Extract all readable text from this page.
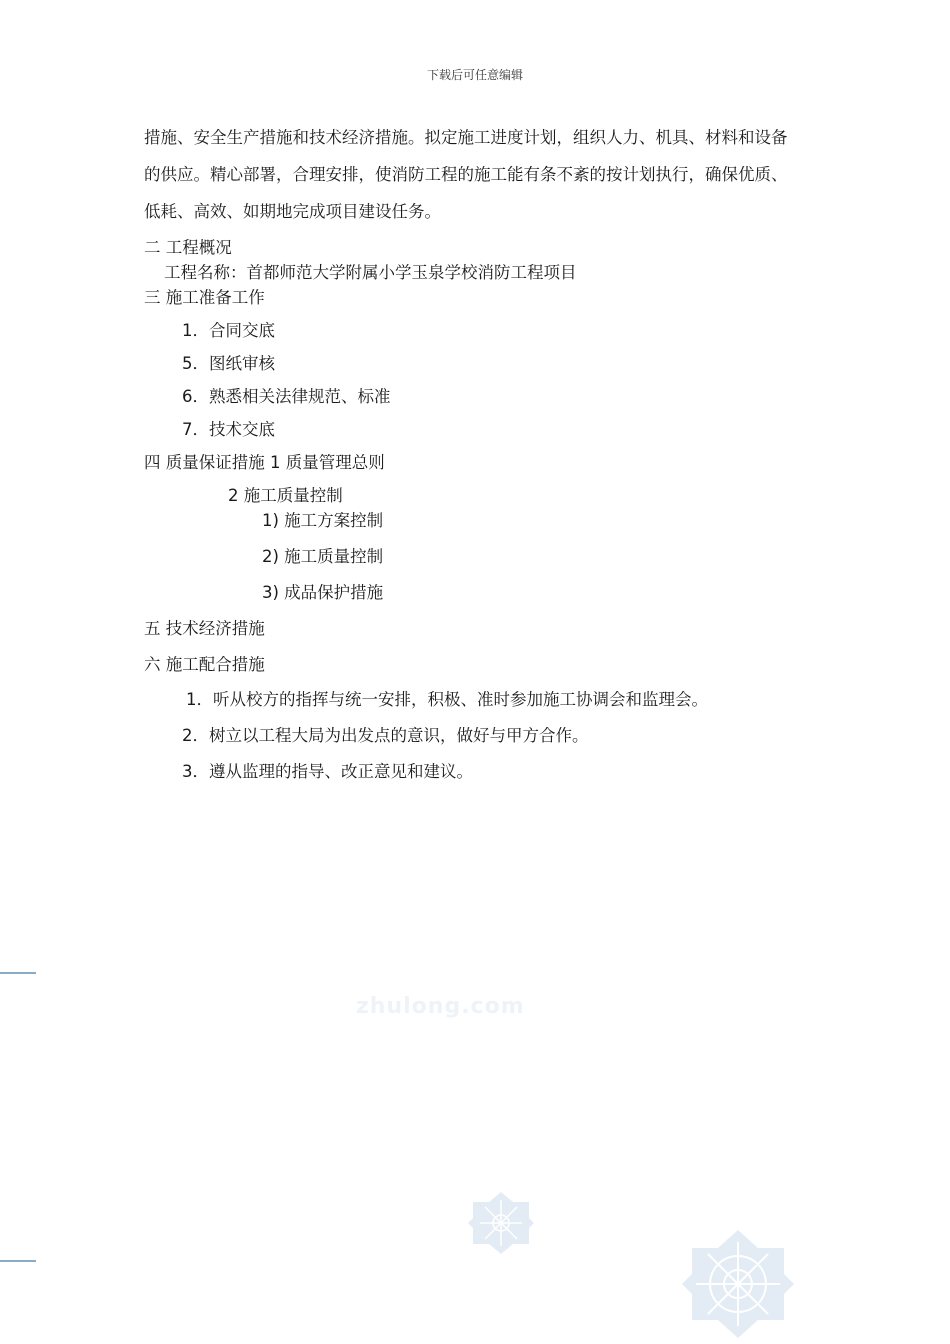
下载后可任意编辑
措施、安全生产措施和技术经济措施。拟定施工进度计划，组织人力、机具、材料和设备
的供应。精心部署，合理安排，使消防工程的施工能有条不紊的按计划执行，确保优质、
低耗、高效、如期地完成项目建设任务。
二 工程概况
工程名称：首都师范大学附属小学玉泉学校消防工程项目
三 施工准备工作
1．合同交底
5．图纸审核
6．熟悉相关法律规范、标准
7．技术交底
四 质量保证措施 1 质量管理总则
2 施工质量控制
1) 施工方案控制
2) 施工质量控制
3) 成品保护措施
五 技术经济措施
六 施工配合措施
1．听从校方的指挥与统一安排，积极、准时参加施工协调会和监理会。
2．树立以工程大局为出发点的意识，做好与甲方合作。
3．遵从监理的指导、改正意见和建议。
zhulong.com
